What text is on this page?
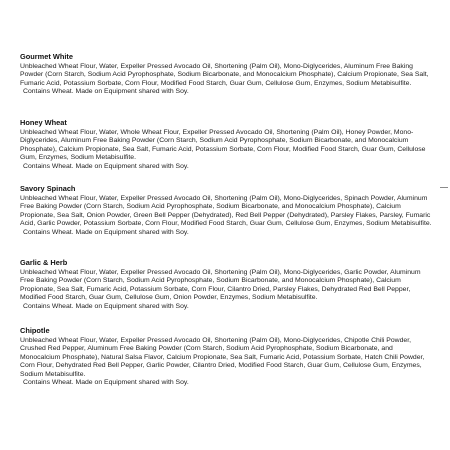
Gourmet White
Unbleached Wheat Flour, Water, Expeller Pressed Avocado Oil, Shortening (Palm Oil), Mono-Diglycerides, Aluminum Free Baking Powder (Corn Starch, Sodium Acid Pyrophosphate, Sodium Bicarbonate, and Monocalcium Phosphate), Calcium Propionate, Sea Salt, Fumaric Acid, Potassium Sorbate, Corn Flour, Modified Food Starch, Guar Gum, Cellulose Gum, Enzymes, Sodium Metabisulfite.
Contains Wheat. Made on Equipment shared with Soy.
Honey Wheat
Unbleached Wheat Flour, Water, Whole Wheat Flour, Expeller Pressed Avocado Oil, Shortening (Palm Oil), Honey Powder, Mono-Diglycerides, Aluminum Free Baking Powder (Corn Starch, Sodium Acid Pyrophosphate, Sodium Bicarbonate, and Monocalcium Phosphate), Calcium Propionate, Sea Salt, Fumaric Acid, Potassium Sorbate, Corn Flour, Modified Food Starch, Guar Gum, Cellulose Gum, Enzymes, Sodium Metabisulfite.
Contains Wheat. Made on Equipment shared with Soy.
Savory Spinach
Unbleached Wheat Flour, Water, Expeller Pressed Avocado Oil, Shortening (Palm Oil), Mono-Diglycerides, Spinach Powder, Aluminum Free Baking Powder (Corn Starch, Sodium Acid Pyrophosphate, Sodium Bicarbonate, and Monocalcium Phosphate), Calcium Propionate, Sea Salt, Onion Powder, Green Bell Pepper (Dehydrated), Red Bell Pepper (Dehydrated), Parsley Flakes, Parsley, Fumaric Acid, Garlic Powder, Potassium Sorbate, Corn Flour, Modified Food Starch, Guar Gum, Cellulose Gum, Enzymes, Sodium Metabisulfite.
Contains Wheat. Made on Equipment shared with Soy.
Garlic & Herb
Unbleached Wheat Flour, Water, Expeller Pressed Avocado Oil, Shortening (Palm Oil), Mono-Diglycerides, Garlic Powder, Aluminum Free Baking Powder (Corn Starch, Sodium Acid Pyrophosphate, Sodium Bicarbonate, and Monocalcium Phosphate), Calcium Propionate, Sea Salt, Fumaric Acid, Potassium Sorbate, Corn Flour, Cilantro Dried, Parsley Flakes, Dehydrated Red Bell Pepper, Modified Food Starch, Guar Gum, Cellulose Gum, Onion Powder, Enzymes, Sodium Metabisulfite.
Contains Wheat. Made on Equipment shared with Soy.
Chipotle
Unbleached Wheat Flour, Water, Expeller Pressed Avocado Oil, Shortening (Palm Oil), Mono-Diglycerides, Chipotle Chili Powder, Crushed Red Pepper, Aluminum Free Baking Powder (Corn Starch, Sodium Acid Pyrophosphate, Sodium Bicarbonate, and Monocalcium Phosphate), Natural Salsa Flavor, Calcium Propionate, Sea Salt, Fumaric Acid, Potassium Sorbate, Hatch Chili Powder, Corn Flour, Dehydrated Red Bell Pepper, Garlic Powder, Cilantro Dried, Modified Food Starch, Guar Gum, Cellulose Gum, Enzymes, Sodium Metabisulfite.
Contains Wheat. Made on Equipment shared with Soy.
